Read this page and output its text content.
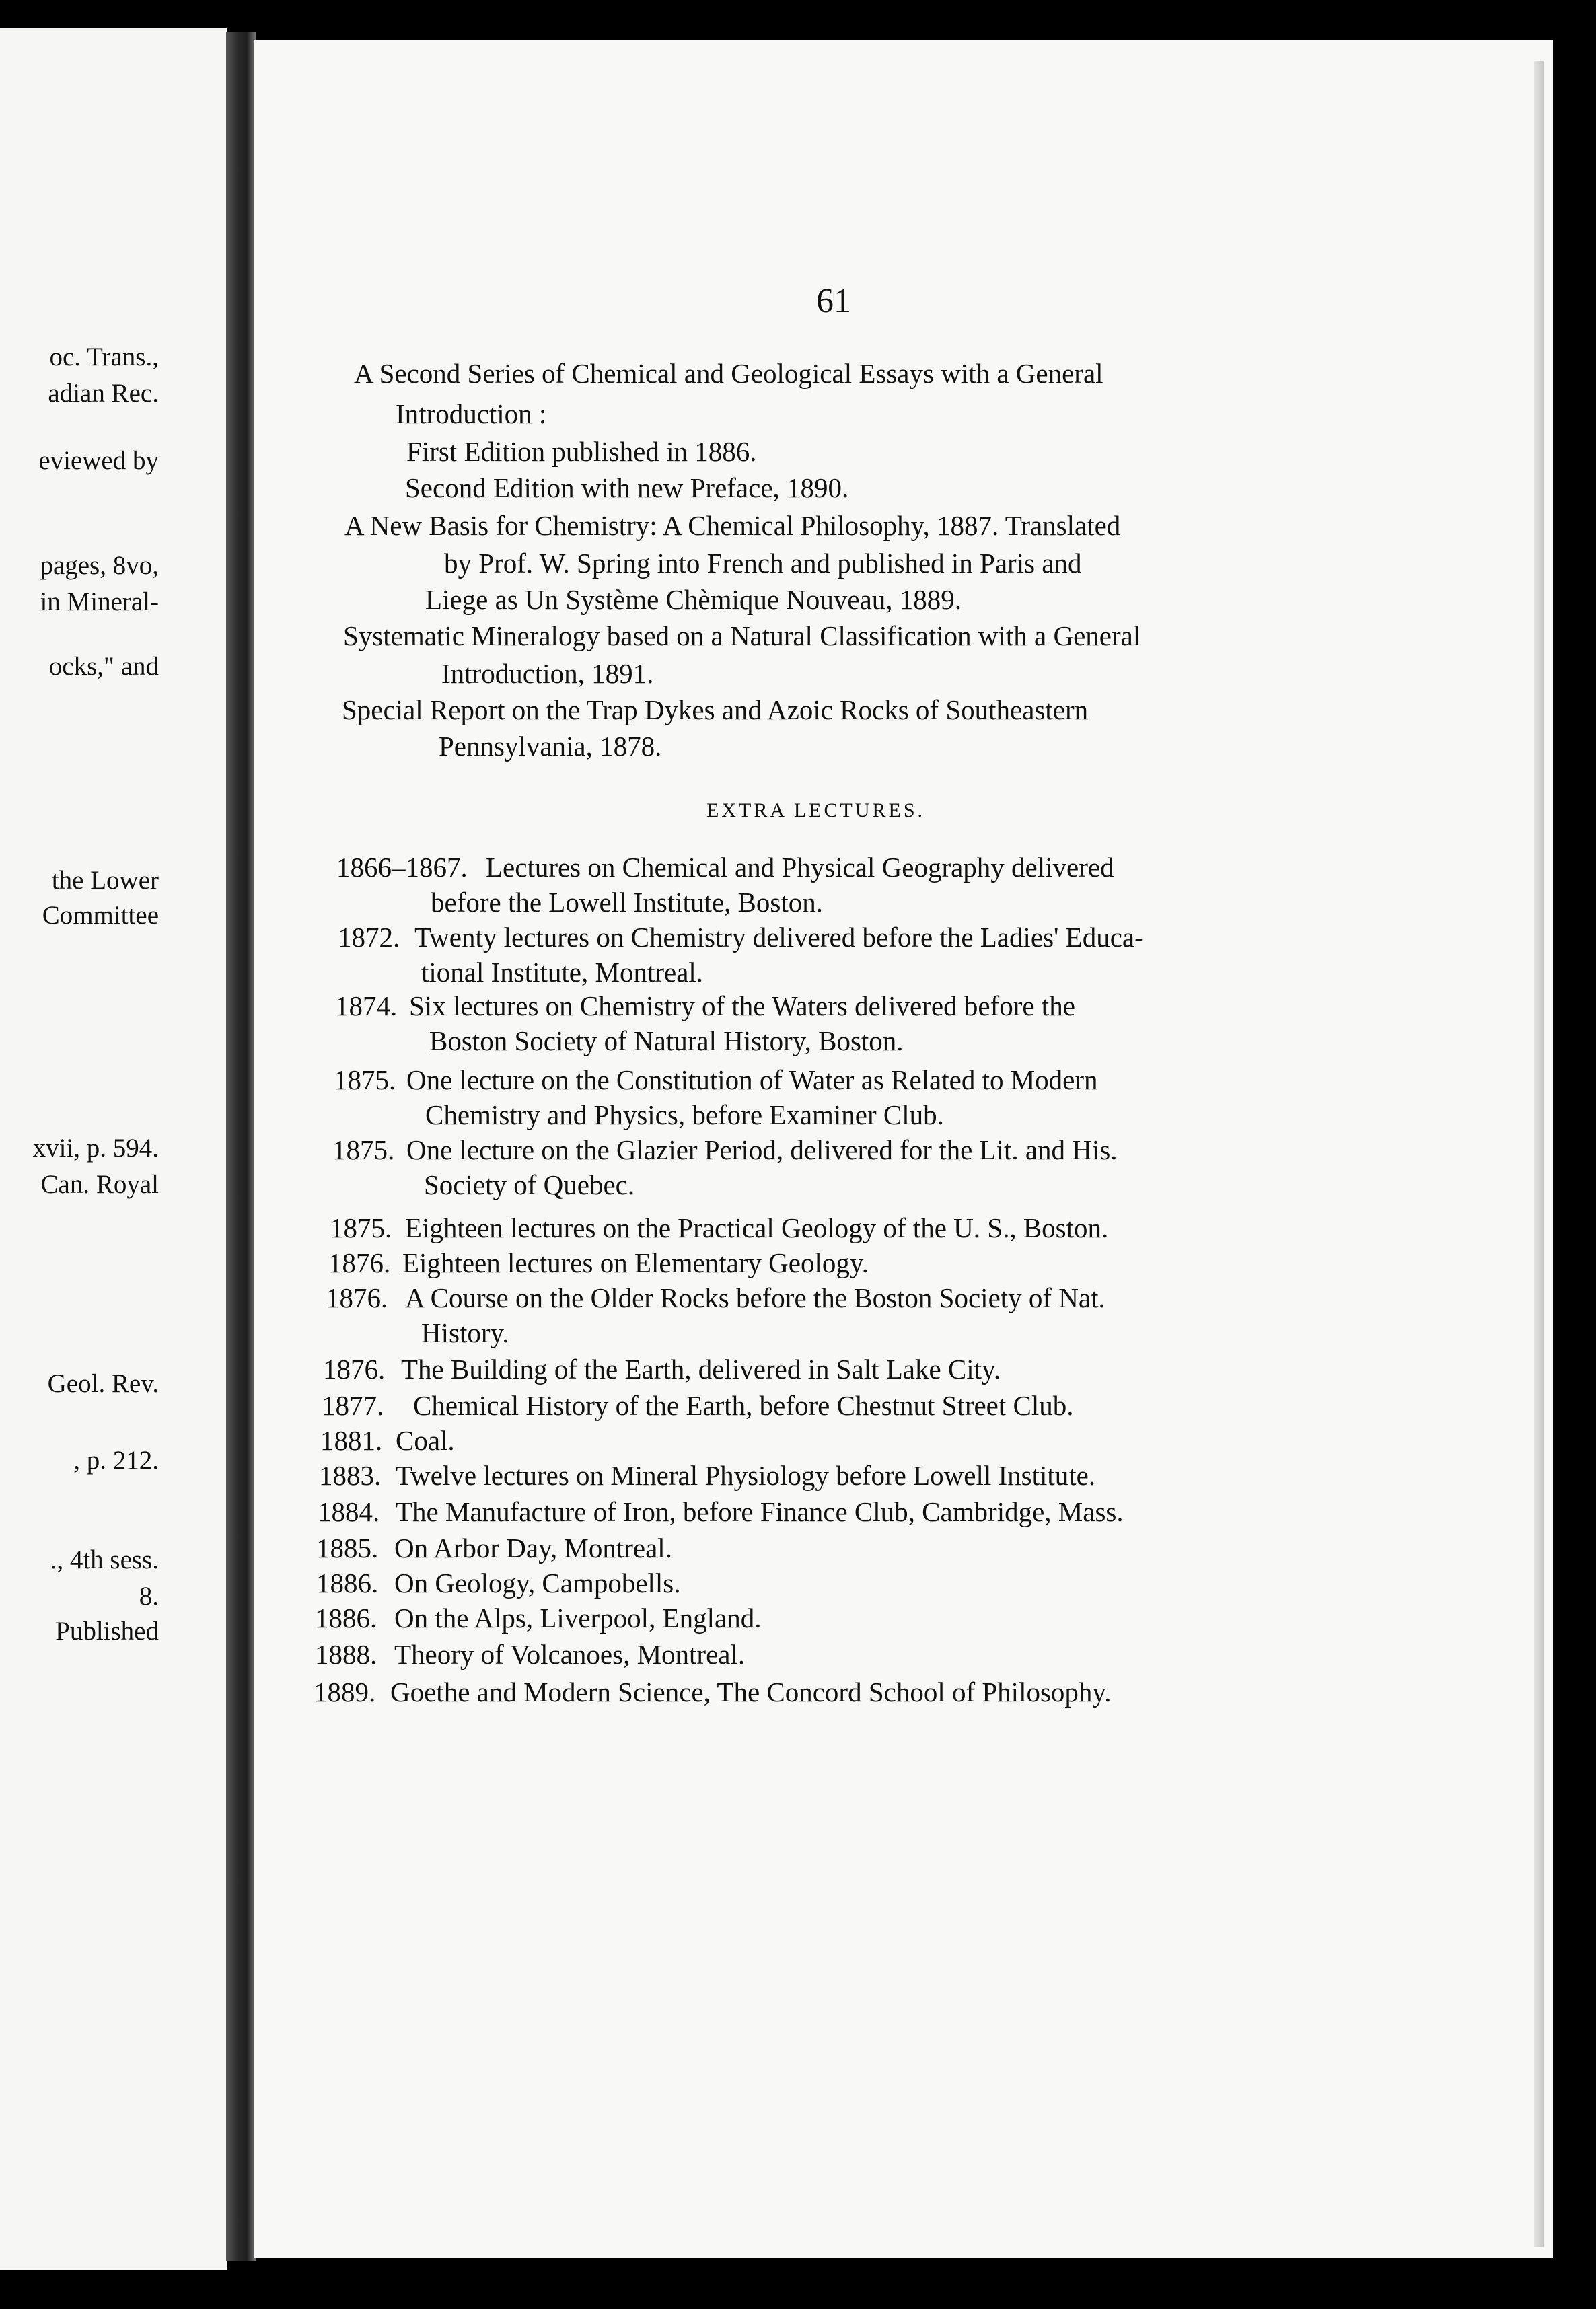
oc. Trans.,
adian Rec.
eviewed by
pages, 8vo,
in Mineral-
ocks," and
the Lower
Committee
xvii, p. 594.
Can. Royal
Geol. Rev.
, p. 212.
., 4th sess.
8.
Published
61
A Second Series of Chemical and Geological Essays with a General
Introduction :
First Edition published in 1886.
Second Edition with new Preface, 1890.
A New Basis for Chemistry: A Chemical Philosophy, 1887. Translated
by Prof. W. Spring into French and published in Paris and
Liege as Un Système Chèmique Nouveau, 1889.
Systematic Mineralogy based on a Natural Classification with a General
Introduction, 1891.
Special Report on the Trap Dykes and Azoic Rocks of Southeastern
Pennsylvania, 1878.
EXTRA LECTURES.
1866–1867. Lectures on Chemical and Physical Geography delivered
before the Lowell Institute, Boston.
1872. Twenty lectures on Chemistry delivered before the Ladies' Educa-
tional Institute, Montreal.
1874. Six lectures on Chemistry of the Waters delivered before the
Boston Society of Natural History, Boston.
1875. One lecture on the Constitution of Water as Related to Modern
Chemistry and Physics, before Examiner Club.
1875. One lecture on the Glazier Period, delivered for the Lit. and His.
Society of Quebec.
1875. Eighteen lectures on the Practical Geology of the U. S., Boston.
1876. Eighteen lectures on Elementary Geology.
1876. A Course on the Older Rocks before the Boston Society of Nat.
History.
1876. The Building of the Earth, delivered in Salt Lake City.
1877. Chemical History of the Earth, before Chestnut Street Club.
1881. Coal.
1883. Twelve lectures on Mineral Physiology before Lowell Institute.
1884. The Manufacture of Iron, before Finance Club, Cambridge, Mass.
1885. On Arbor Day, Montreal.
1886. On Geology, Campobells.
1886. On the Alps, Liverpool, England.
1888. Theory of Volcanoes, Montreal.
1889. Goethe and Modern Science, The Concord School of Philosophy.
